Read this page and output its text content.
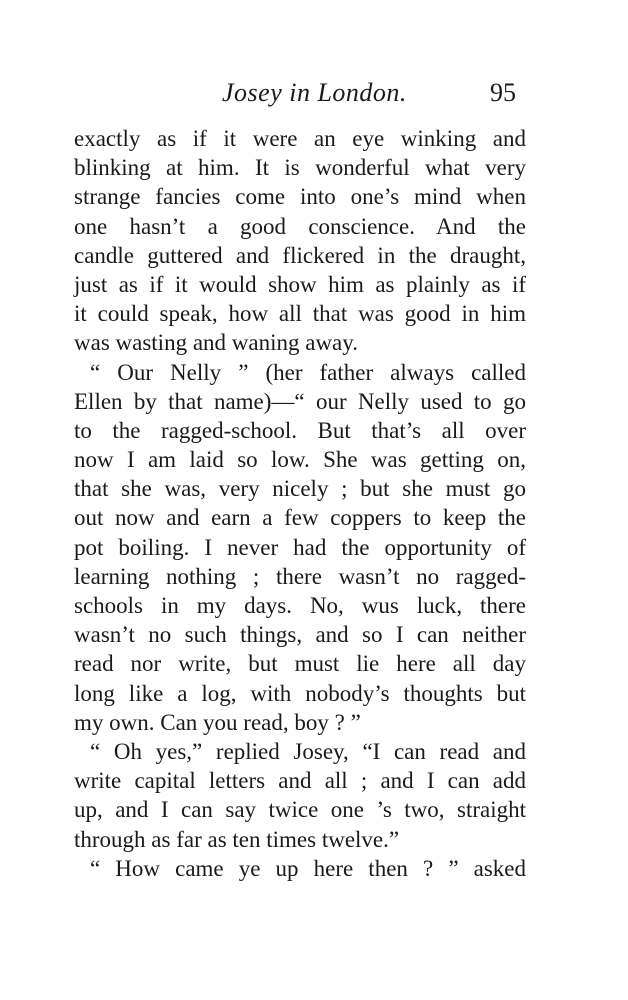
Josey in London.	95
exactly as if it were an eye winking and
blinking at him. It is wonderful what very
strange fancies come into one’s mind when
one hasn’t a good conscience. And the
candle guttered and flickered in the draught,
just as if it would show him as plainly as if
it could speak, how all that was good in him
was wasting and waning away.
“ Our Nelly ” (her father always called
Ellen by that name)—“ our Nelly used to go
to the ragged-school. But that’s all over
now I am laid so low. She was getting on,
that she was, very nicely ; but she must go
out now and earn a few coppers to keep the
pot boiling. I never had the opportunity of
learning nothing ; there wasn’t no ragged-
schools in my days. No, wus luck, there
wasn’t no such things, and so I can neither
read nor write, but must lie here all day
long like a log, with nobody’s thoughts but
my own. Can you read, boy ? ”
“ Oh yes,” replied Josey, “I can read and
write capital letters and all ; and I can add
up, and I can say twice one ’s two, straight
through as far as ten times twelve.”
“ How came ye up here then ? ” asked
